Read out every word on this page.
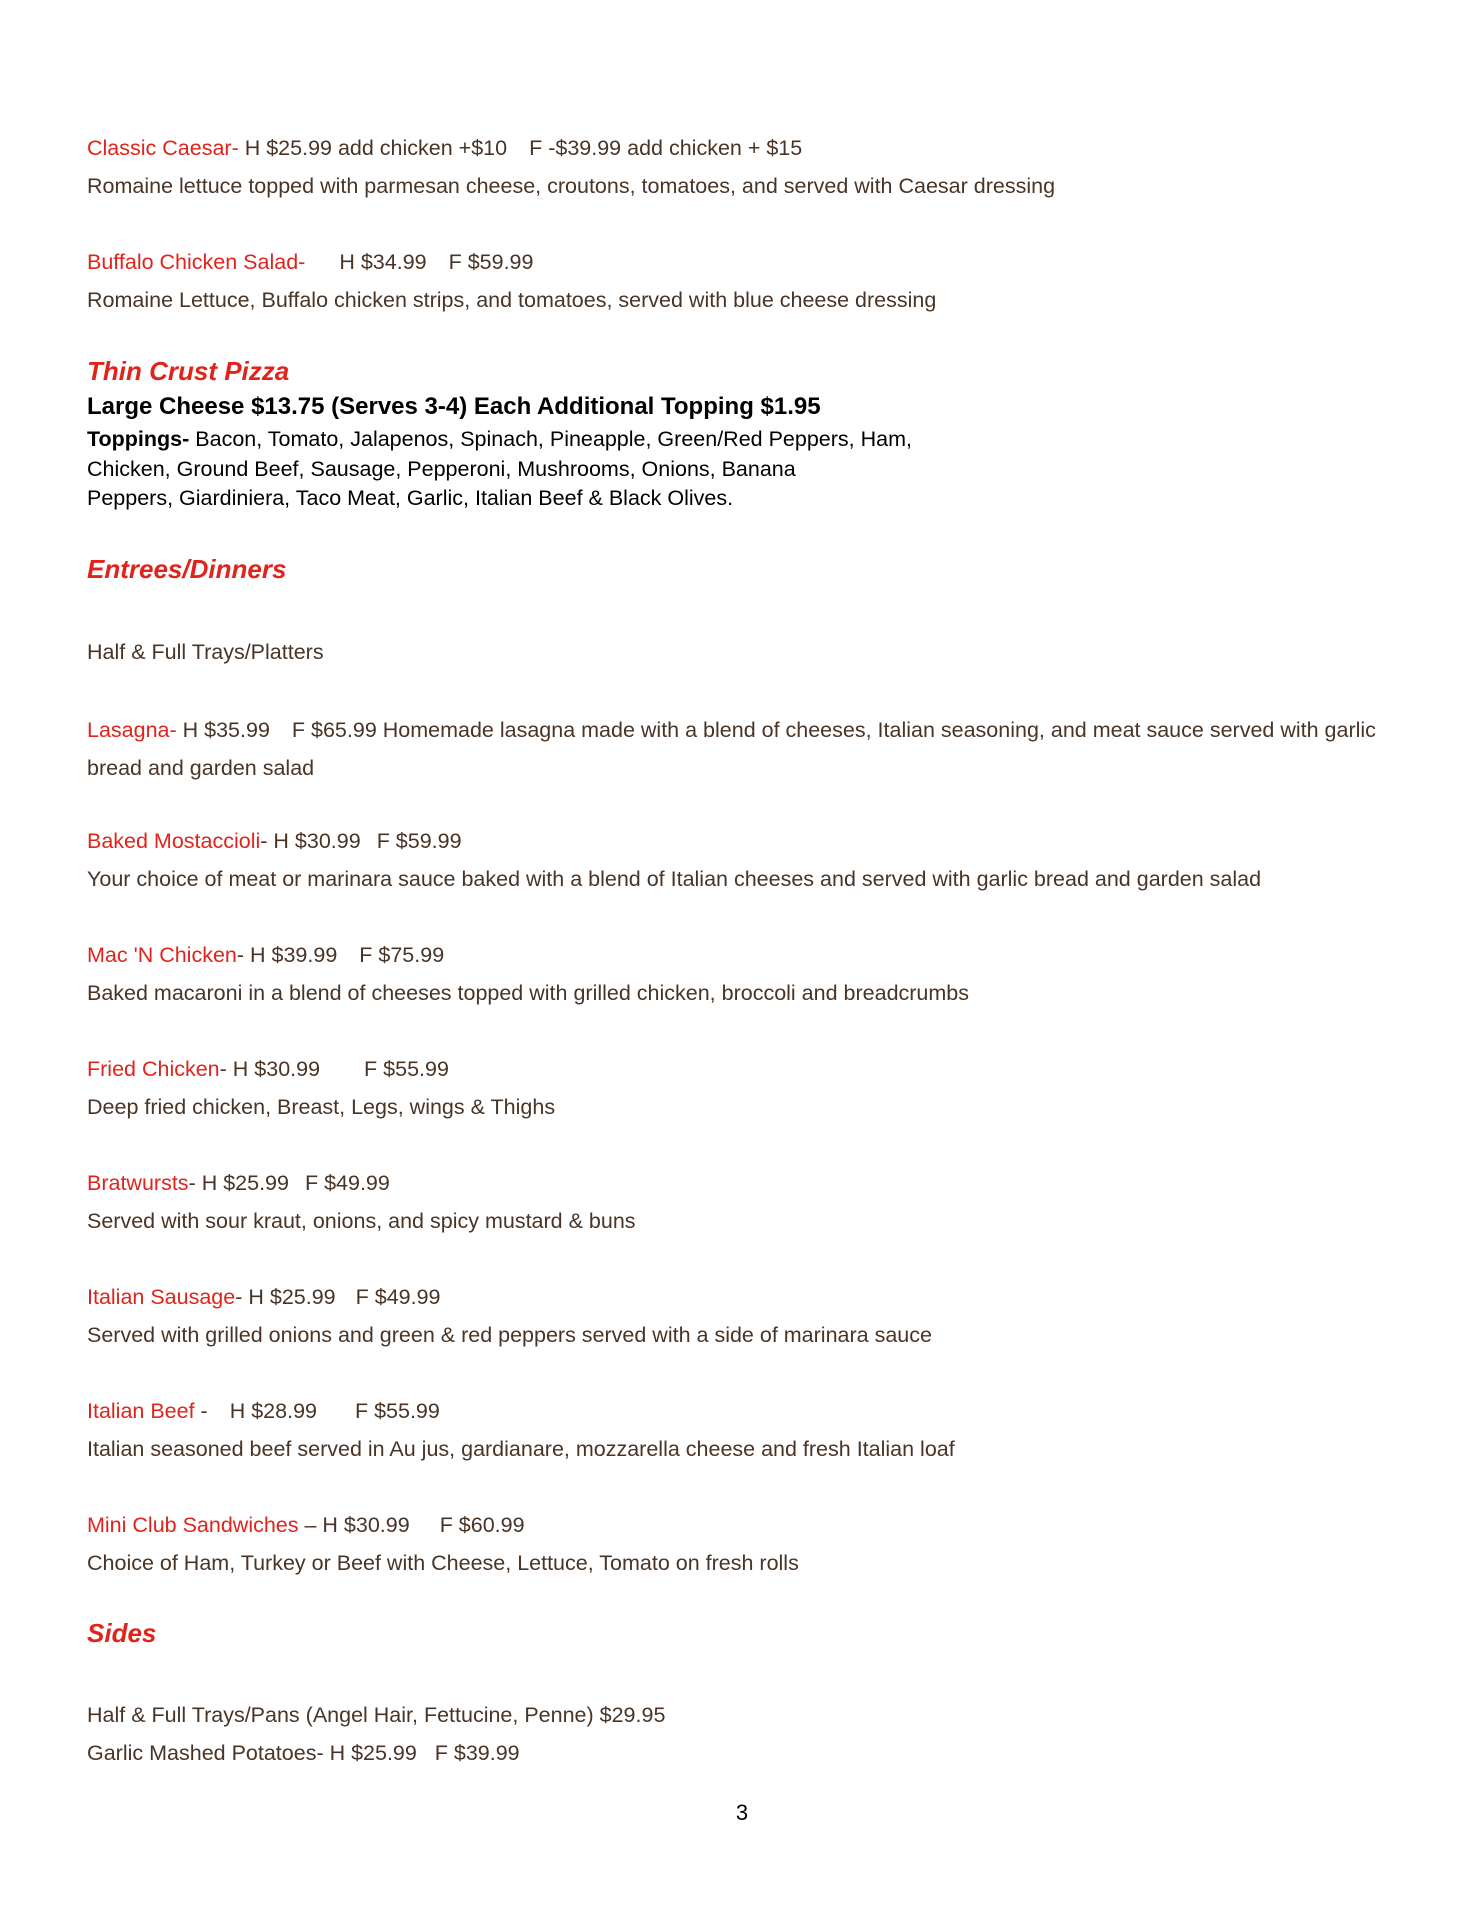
Classic Caesar- H $25.99 add chicken +$10 F -$39.99 add chicken + $15
Romaine lettuce topped with parmesan cheese, croutons, tomatoes, and served with Caesar dressing
Buffalo Chicken Salad- H $34.99 F $59.99
Romaine Lettuce, Buffalo chicken strips, and tomatoes, served with blue cheese dressing
Thin Crust Pizza
Large Cheese $13.75 (Serves 3-4) Each Additional Topping $1.95
Toppings- Bacon, Tomato, Jalapenos, Spinach, Pineapple, Green/Red Peppers, Ham,
Chicken, Ground Beef, Sausage, Pepperoni, Mushrooms, Onions, Banana
Peppers, Giardiniera, Taco Meat, Garlic, Italian Beef & Black Olives.
Entrees/Dinners
Half & Full Trays/Platters
Lasagna- H $35.99 F $65.99 Homemade lasagna made with a blend of cheeses, Italian seasoning, and meat sauce served with garlic bread and garden salad
Baked Mostaccioli- H $30.99 F $59.99
Your choice of meat or marinara sauce baked with a blend of Italian cheeses and served with garlic bread and garden salad
Mac 'N Chicken- H $39.99 F $75.99
Baked macaroni in a blend of cheeses topped with grilled chicken, broccoli and breadcrumbs
Fried Chicken- H $30.99 F $55.99
Deep fried chicken, Breast, Legs, wings & Thighs
Bratwursts- H $25.99 F $49.99
Served with sour kraut, onions, and spicy mustard & buns
Italian Sausage- H $25.99 F $49.99
Served with grilled onions and green & red peppers served with a side of marinara sauce
Italian Beef - H $28.99 F $55.99
Italian seasoned beef served in Au jus, gardianare, mozzarella cheese and fresh Italian loaf
Mini Club Sandwiches – H $30.99 F $60.99
Choice of Ham, Turkey or Beef with Cheese, Lettuce, Tomato on fresh rolls
Sides
Half & Full Trays/Pans (Angel Hair, Fettucine, Penne) $29.95
Garlic Mashed Potatoes- H $25.99   F $39.99
3
